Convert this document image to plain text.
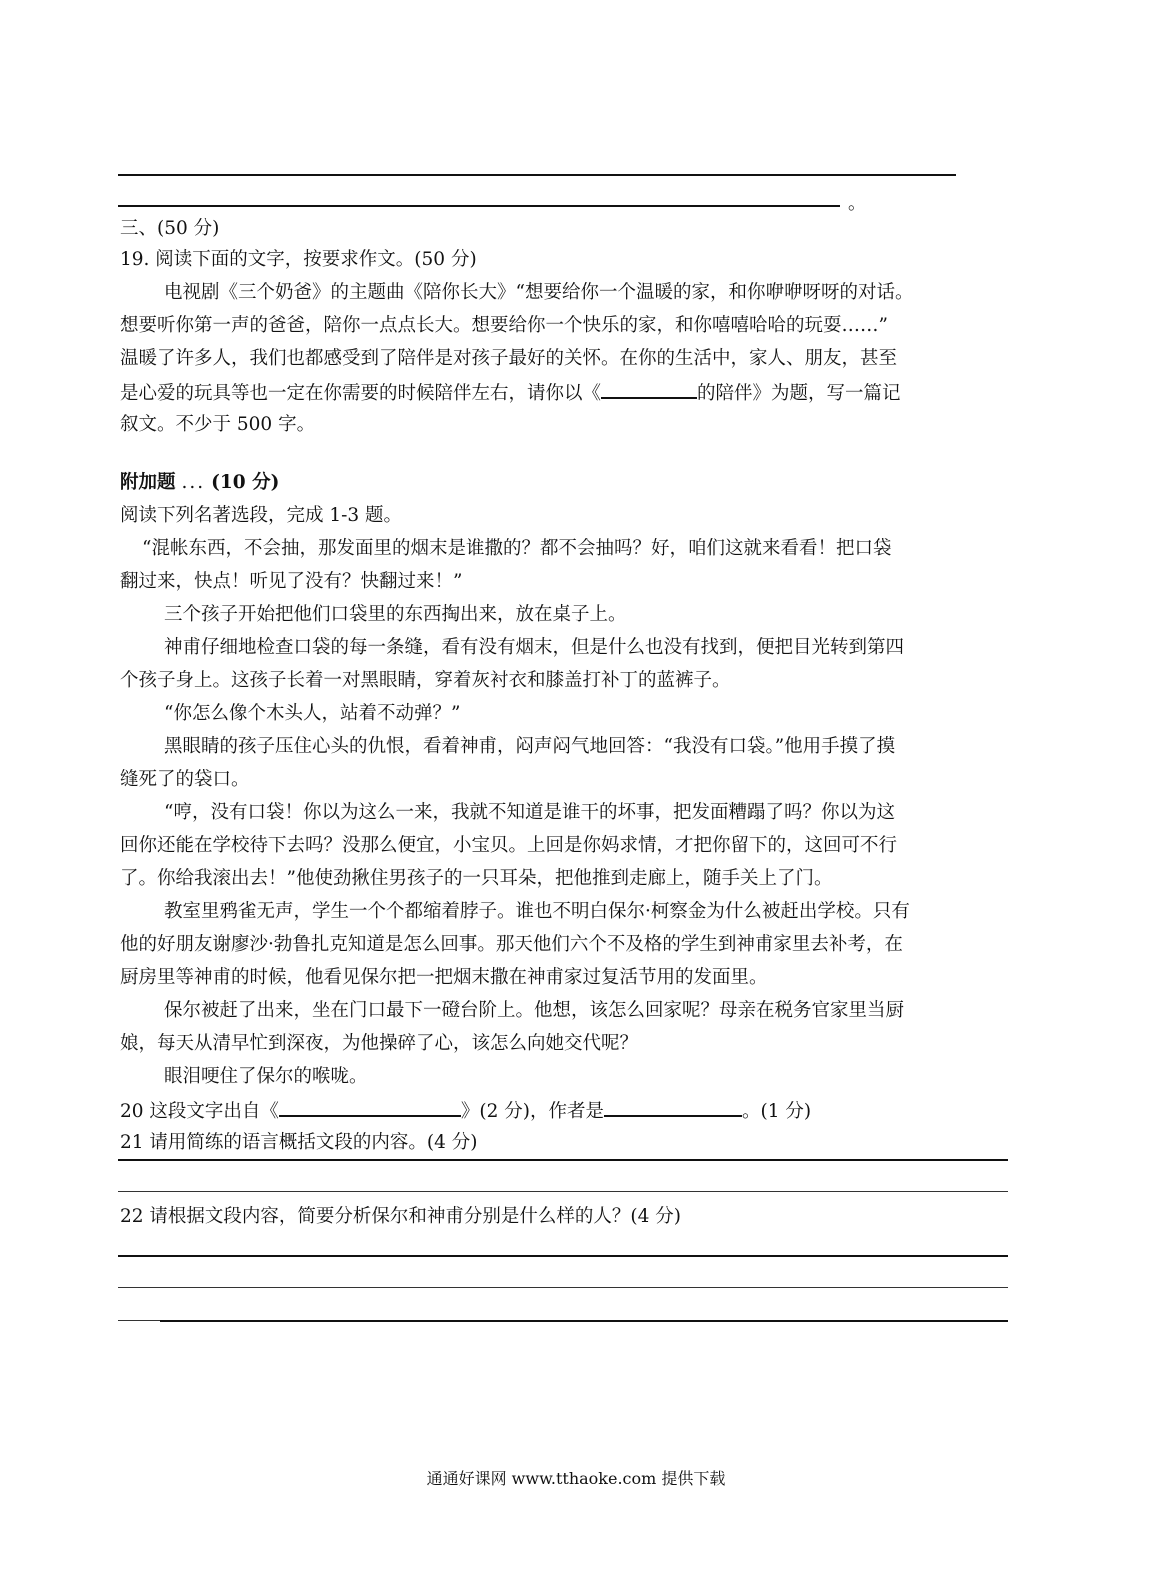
。
三、(50 分)
19. 阅读下面的文字，按要求作文。(50 分)
电视剧《三个奶爸》的主题曲《陪你长大》“想要给你一个温暖的家，和你咿咿呀呀的对话。
想要听你第一声的爸爸，陪你一点点长大。想要给你一个快乐的家，和你嘻嘻哈哈的玩耍……”
温暖了许多人，我们也都感受到了陪伴是对孩子最好的关怀。在你的生活中，家人、朋友，甚至
是心爱的玩具等也一定在你需要的时候陪伴左右，请你以《	的陪伴》为题，写一篇记
叙文。不少于 500 字。
附加题 ... (10 分)
阅读下列名著选段，完成 1-3 题。
“混帐东西，不会抽，那发面里的烟末是谁撒的？都不会抽吗？好，咱们这就来看看！把口袋
翻过来，快点！听见了没有？快翻过来！”
三个孩子开始把他们口袋里的东西掏出来，放在桌子上。
神甫仔细地检查口袋的每一条缝，看有没有烟末，但是什么也没有找到，便把目光转到第四
个孩子身上。这孩子长着一对黑眼睛，穿着灰衬衣和膝盖打补丁的蓝裤子。
“你怎么像个木头人，站着不动弹？”
黑眼睛的孩子压住心头的仇恨，看着神甫，闷声闷气地回答：“我没有口袋。”他用手摸了摸
缝死了的袋口。
“哼，没有口袋！你以为这么一来，我就不知道是谁干的坏事，把发面糟蹋了吗？你以为这
回你还能在学校待下去吗？没那么便宜，小宝贝。上回是你妈求情，才把你留下的，这回可不行
了。你给我滚出去！”他使劲揪住男孩子的一只耳朵，把他推到走廊上，随手关上了门。
教室里鸦雀无声，学生一个个都缩着脖子。谁也不明白保尔·柯察金为什么被赶出学校。只有
他的好朋友谢廖沙·勃鲁扎克知道是怎么回事。那天他们六个不及格的学生到神甫家里去补考，在
厨房里等神甫的时候，他看见保尔把一把烟末撒在神甫家过复活节用的发面里。
保尔被赶了出来，坐在门口最下一磴台阶上。他想，该怎么回家呢？母亲在税务官家里当厨
娘，每天从清早忙到深夜，为他操碎了心，该怎么向她交代呢？
眼泪哽住了保尔的喉咙。
20 这段文字出自《	》(2 分)，作者是	。(1 分)
21 请用简练的语言概括文段的内容。(4 分)
22 请根据文段内容，简要分析保尔和神甫分别是什么样的人？(4 分)
通通好课网 www.tthaoke.com 提供下载
